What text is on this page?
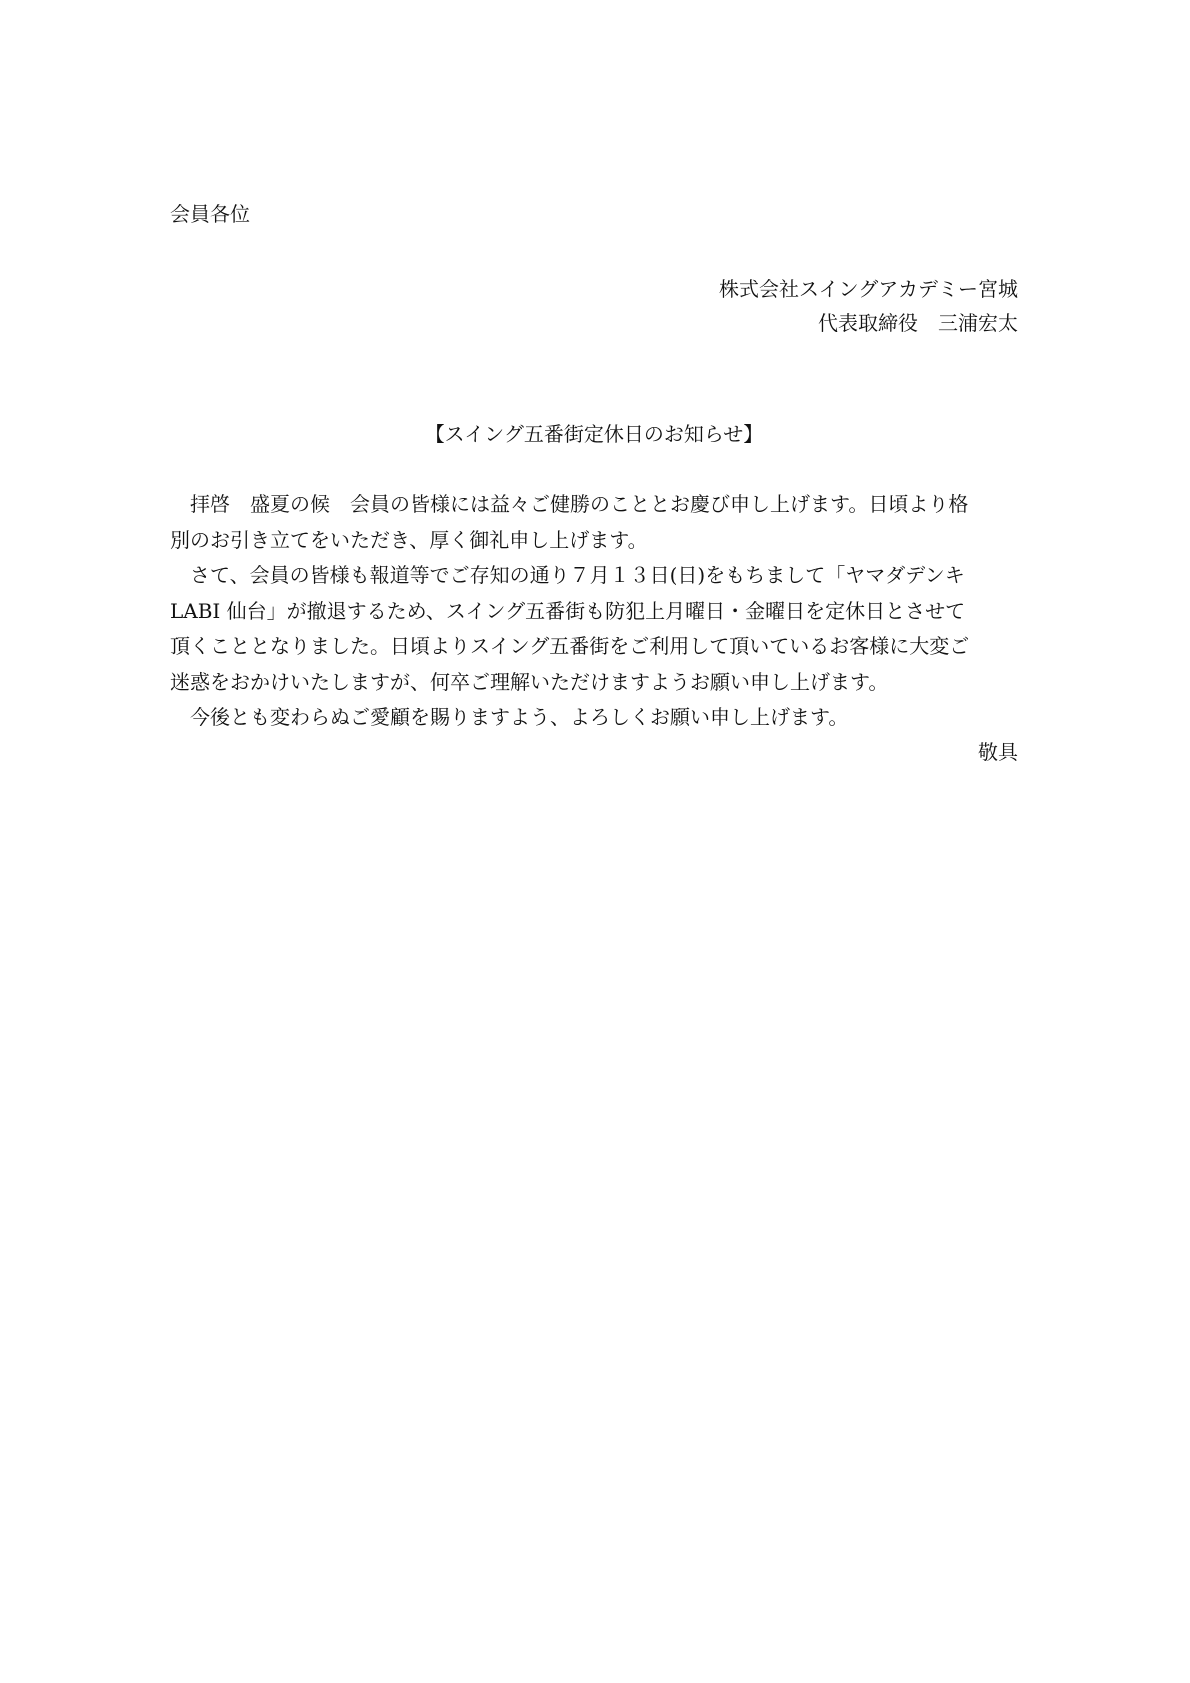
会員各位
株式会社スイングアカデミー宮城
代表取締役　三浦宏太
【スイング五番街定休日のお知らせ】
　拝啓　盛夏の候　会員の皆様には益々ご健勝のこととお慶び申し上げます。日頃より格
別のお引き立てをいただき、厚く御礼申し上げます。
　さて、会員の皆様も報道等でご存知の通り７月１３日(日)をもちまして「ヤマダデンキ
LABI 仙台」が撤退するため、スイング五番街も防犯上月曜日・金曜日を定休日とさせて
頂くこととなりました。日頃よりスイング五番街をご利用して頂いているお客様に大変ご
迷惑をおかけいたしますが、何卒ご理解いただけますようお願い申し上げます。
　今後とも変わらぬご愛顧を賜りますよう、よろしくお願い申し上げます。
敬具
